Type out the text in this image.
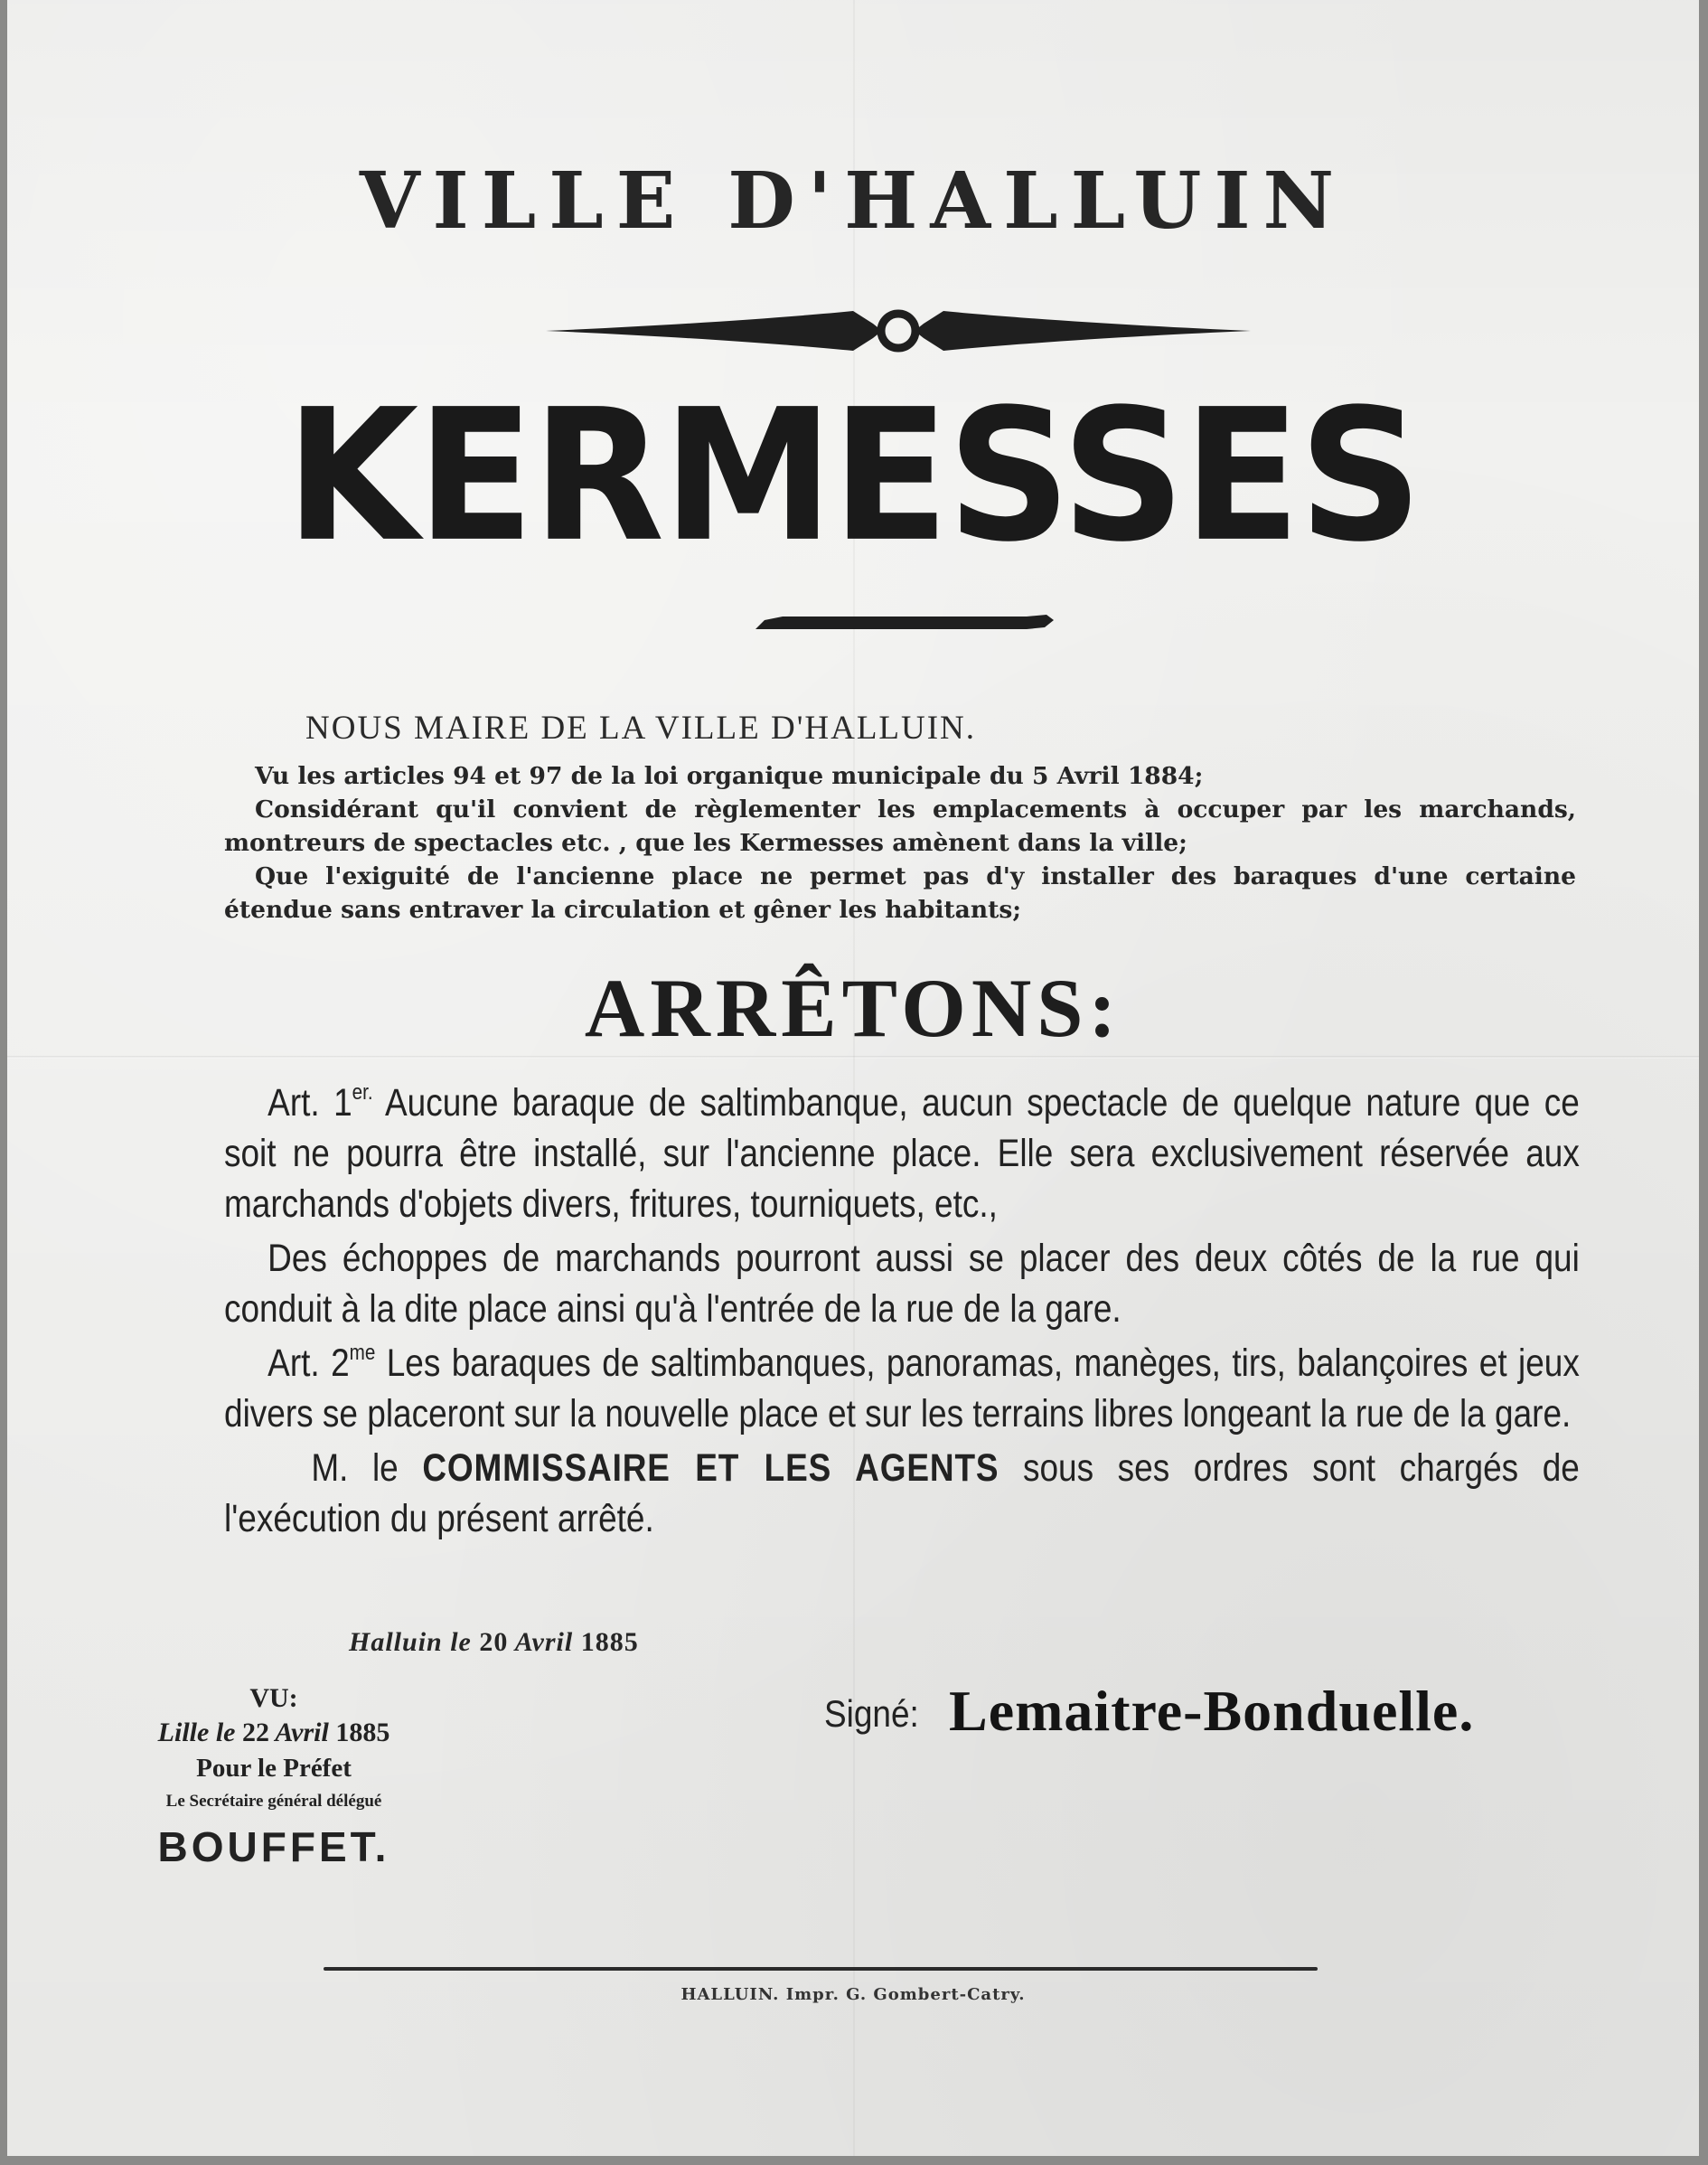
VILLE D'HALLUIN
KERMESSES
NOUS MAIRE DE LA VILLE D'HALLUIN.

Vu les articles 94 et 97 de la loi organique municipale du 5 Avril 1884;

Considérant qu'il convient de règlementer les emplacements à occuper par les marchands, montreurs de spectacles etc. , que les Kermesses amènent dans la ville;

Que l'exiguité de l'ancienne place ne permet pas d'y installer des baraques d'une certaine étendue sans entraver la circulation et gêner les habitants;

ARRÊTONS:

Art. $1^{er.}$ Aucune baraque de saltimbanque, aucun spectacle de quelque nature que ce soit ne pourra être installé, sur l'ancienne place. Elle sera exclusivement réservée aux marchands d'objets divers, fritures, tourniquets, etc.,

Des échoppes de marchands pourront aussi se placer des deux côtés de la rue qui conduit à la dite place ainsi qu'à l'entrée de la rue de la gare.

Art. $2^{me}$ Les baraques de saltimbanques, panoramas, manèges, tirs, balançoires et jeux divers se placeront sur la nouvelle place et sur les terrains libres longeant la rue de la gare.

M. le COMMISSAIRE ET LES AGENTS sous ses ordres sont chargés de l'exécution du présent arrêté.

Halluin le 20 Avril 1885
VU:
Lille le 22 Avril 1885
Pour le Préfet
Le Secrétaire général délégué
BOUFFET.
Signé: Lemaitre-Bonduelle.
HALLUIN. Impr. G. Gombert-Catry.
